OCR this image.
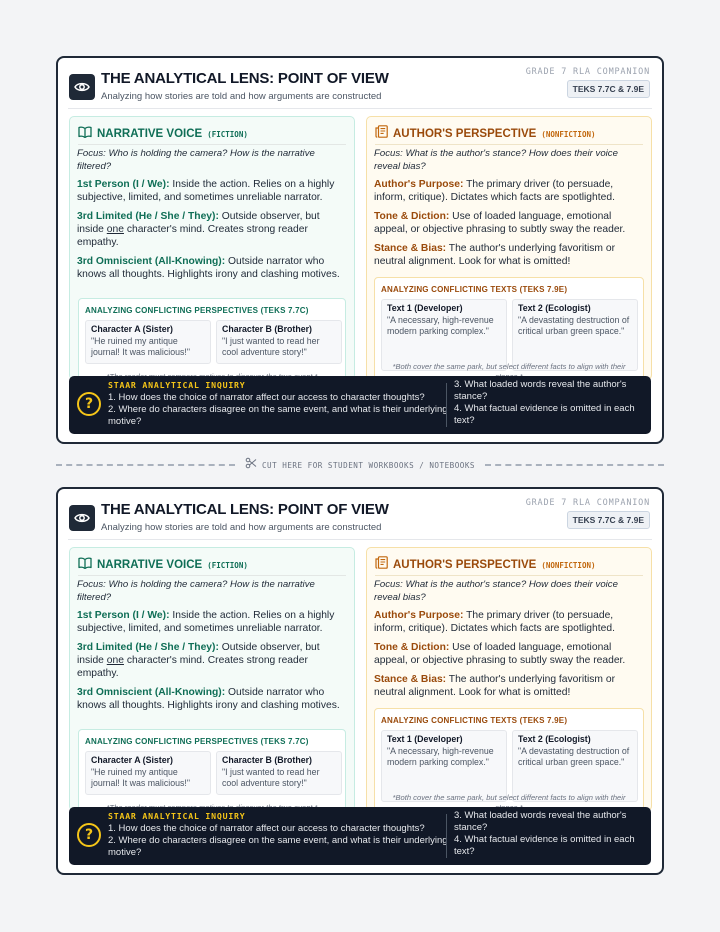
THE ANALYTICAL LENS: POINT OF VIEW
Analyzing how stories are told and how arguments are constructed
GRADE 7 RLA COMPANION
TEKS 7.7C & 7.9E
NARRATIVE VOICE (FICTION)
Focus: Who is holding the camera? How is the narrative filtered?
1st Person (I / We): Inside the action. Relies on a highly subjective, limited, and sometimes unreliable narrator.
3rd Limited (He / She / They): Outside observer, but inside one character's mind. Creates strong reader empathy.
3rd Omniscient (All-Knowing): Outside narrator who knows all thoughts. Highlights irony and clashing motives.
ANALYZING CONFLICTING PERSPECTIVES (TEKS 7.7C)
Character A (Sister)
"He ruined my antique journal! It was malicious!"
Character B (Brother)
"I just wanted to read her cool adventure story!"
AUTHOR'S PERSPECTIVE (NONFICTION)
Focus: What is the author's stance? How does their voice reveal bias?
Author's Purpose: The primary driver (to persuade, inform, critique). Dictates which facts are spotlighted.
Tone & Diction: Use of loaded language, emotional appeal, or objective phrasing to subtly sway the reader.
Stance & Bias: The author's underlying favoritism or neutral alignment. Look for what is omitted!
ANALYZING CONFLICTING TEXTS (TEKS 7.9E)
Text 1 (Developer)
"A necessary, high-revenue modern parking complex."
Text 2 (Ecologist)
"A devastating destruction of critical urban green space."
*Both cover the same park, but select different facts to align with their
?
STAAR ANALYTICAL INQUIRY
1. How does the choice of narrator affect our access to character thoughts?
2. Where do characters disagree on the same event, and what is their underlying motive?
3. What loaded words reveal the author's stance?
4. What factual evidence is omitted in each text?
CUT HERE FOR STUDENT WORKBOOKS / NOTEBOOKS
THE ANALYTICAL LENS: POINT OF VIEW
Analyzing how stories are told and how arguments are constructed
GRADE 7 RLA COMPANION
TEKS 7.7C & 7.9E
NARRATIVE VOICE (FICTION)
Focus: Who is holding the camera? How is the narrative filtered?
1st Person (I / We): Inside the action. Relies on a highly subjective, limited, and sometimes unreliable narrator.
3rd Limited (He / She / They): Outside observer, but inside one character's mind. Creates strong reader empathy.
3rd Omniscient (All-Knowing): Outside narrator who knows all thoughts. Highlights irony and clashing motives.
ANALYZING CONFLICTING PERSPECTIVES (TEKS 7.7C)
Character A (Sister)
"He ruined my antique journal! It was malicious!"
Character B (Brother)
"I just wanted to read her cool adventure story!"
AUTHOR'S PERSPECTIVE (NONFICTION)
Focus: What is the author's stance? How does their voice reveal bias?
Author's Purpose: The primary driver (to persuade, inform, critique). Dictates which facts are spotlighted.
Tone & Diction: Use of loaded language, emotional appeal, or objective phrasing to subtly sway the reader.
Stance & Bias: The author's underlying favoritism or neutral alignment. Look for what is omitted!
ANALYZING CONFLICTING TEXTS (TEKS 7.9E)
Text 1 (Developer)
"A necessary, high-revenue modern parking complex."
Text 2 (Ecologist)
"A devastating destruction of critical urban green space."
*Both cover the same park, but select different facts to align with their
?
STAAR ANALYTICAL INQUIRY
1. How does the choice of narrator affect our access to character thoughts?
2. Where do characters disagree on the same event, and what is their underlying motive?
3. What loaded words reveal the author's stance?
4. What factual evidence is omitted in each text?
